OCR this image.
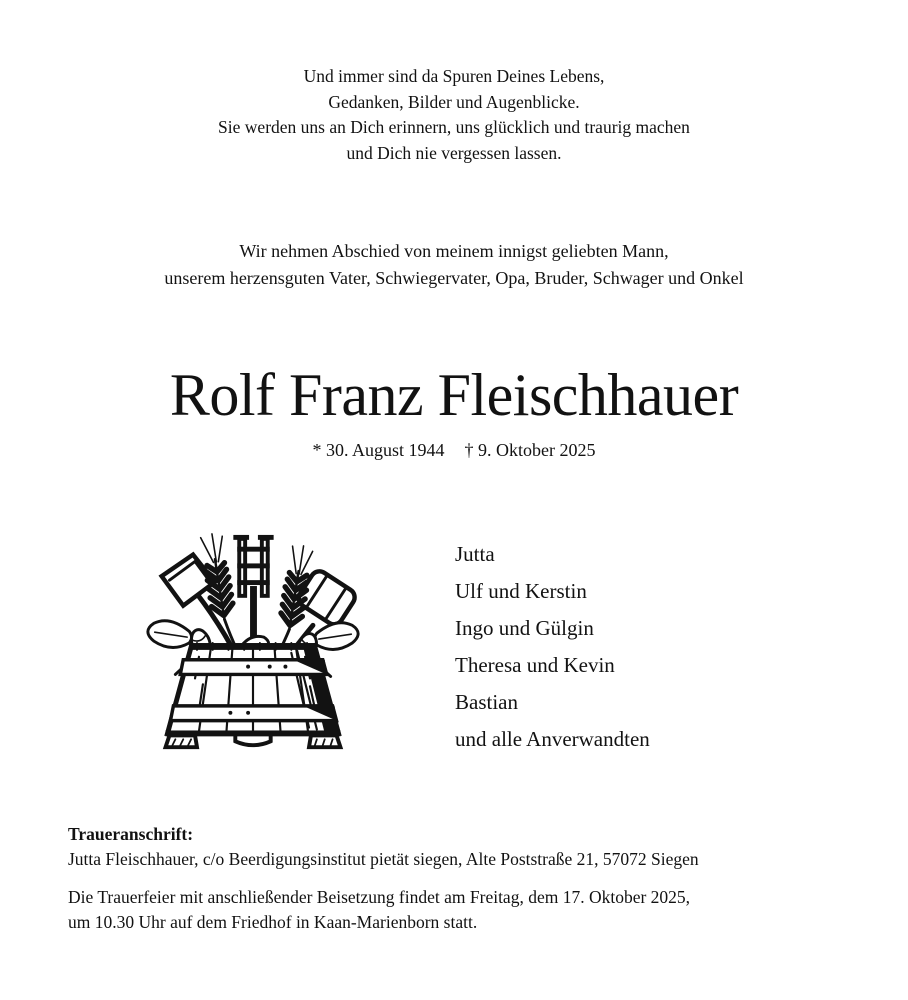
Und immer sind da Spuren Deines Lebens,
Gedanken, Bilder und Augenblicke.
Sie werden uns an Dich erinnern, uns glücklich und traurig machen
und Dich nie vergessen lassen.
Wir nehmen Abschied von meinem innigst geliebten Mann,
unserem herzensguten Vater, Schwiegervater, Opa, Bruder, Schwager und Onkel
Rolf Franz Fleischhauer
* 30. August 1944 † 9. Oktober 2025
Jutta
Ulf und Kerstin
Ingo und Gülgin
Theresa und Kevin
Bastian
und alle Anverwandten
Traueranschrift:
Jutta Fleischhauer, c/o Beerdigungsinstitut pietät siegen, Alte Poststraße 21, 57072 Siegen
Die Trauerfeier mit anschließender Beisetzung findet am Freitag, dem 17. Oktober 2025,
um 10.30 Uhr auf dem Friedhof in Kaan-Marienborn statt.
